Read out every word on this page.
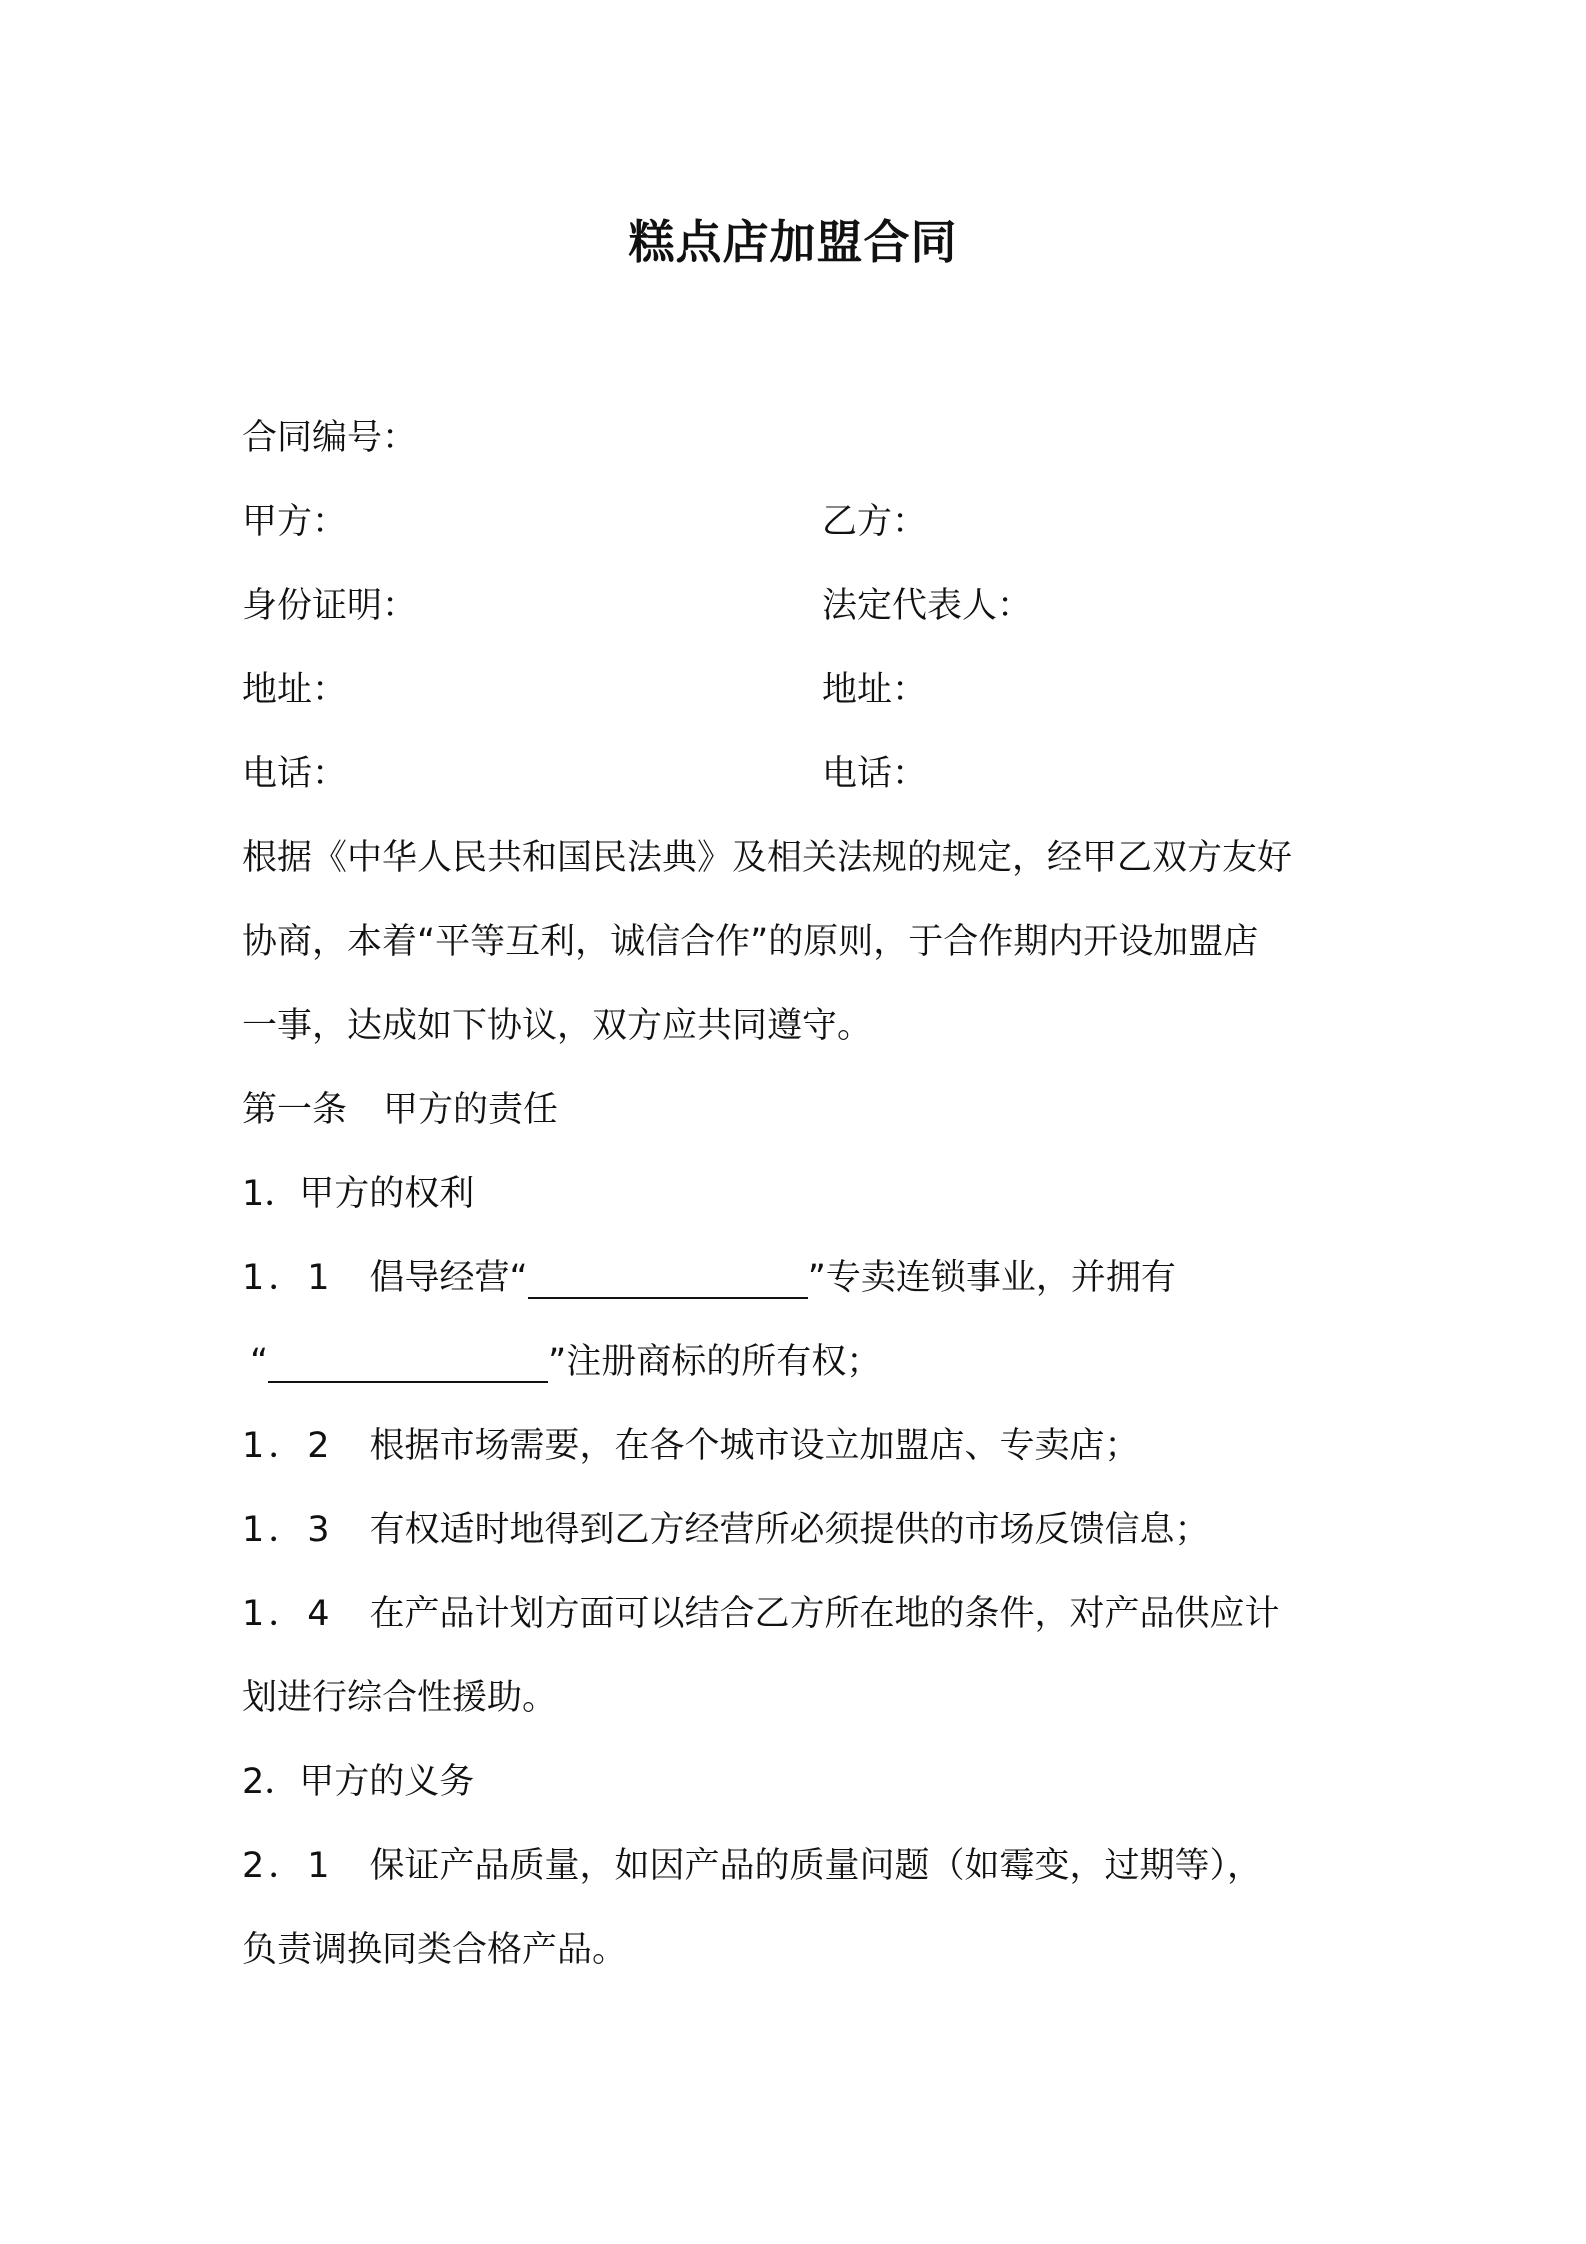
糕点店加盟合同
合同编号：
甲方：	乙方：
身份证明：	法定代表人：
地址：	地址：
电话：	电话：
根据《中华人民共和国民法典》及相关法规的规定，经甲乙双方友好
协商，本着“平等互利，诚信合作”的原则，于合作期内开设加盟店
一事，达成如下协议，双方应共同遵守。
第一条 甲方的责任
1．甲方的权利
1．1 倡导经营“	”专卖连锁事业，并拥有
“	”注册商标的所有权；
1．2 根据市场需要，在各个城市设立加盟店、专卖店；
1．3 有权适时地得到乙方经营所必须提供的市场反馈信息；
1．4 在产品计划方面可以结合乙方所在地的条件，对产品供应计
划进行综合性援助。
2．甲方的义务
2．1 保证产品质量，如因产品的质量问题（如霉变，过期等），
负责调换同类合格产品。
